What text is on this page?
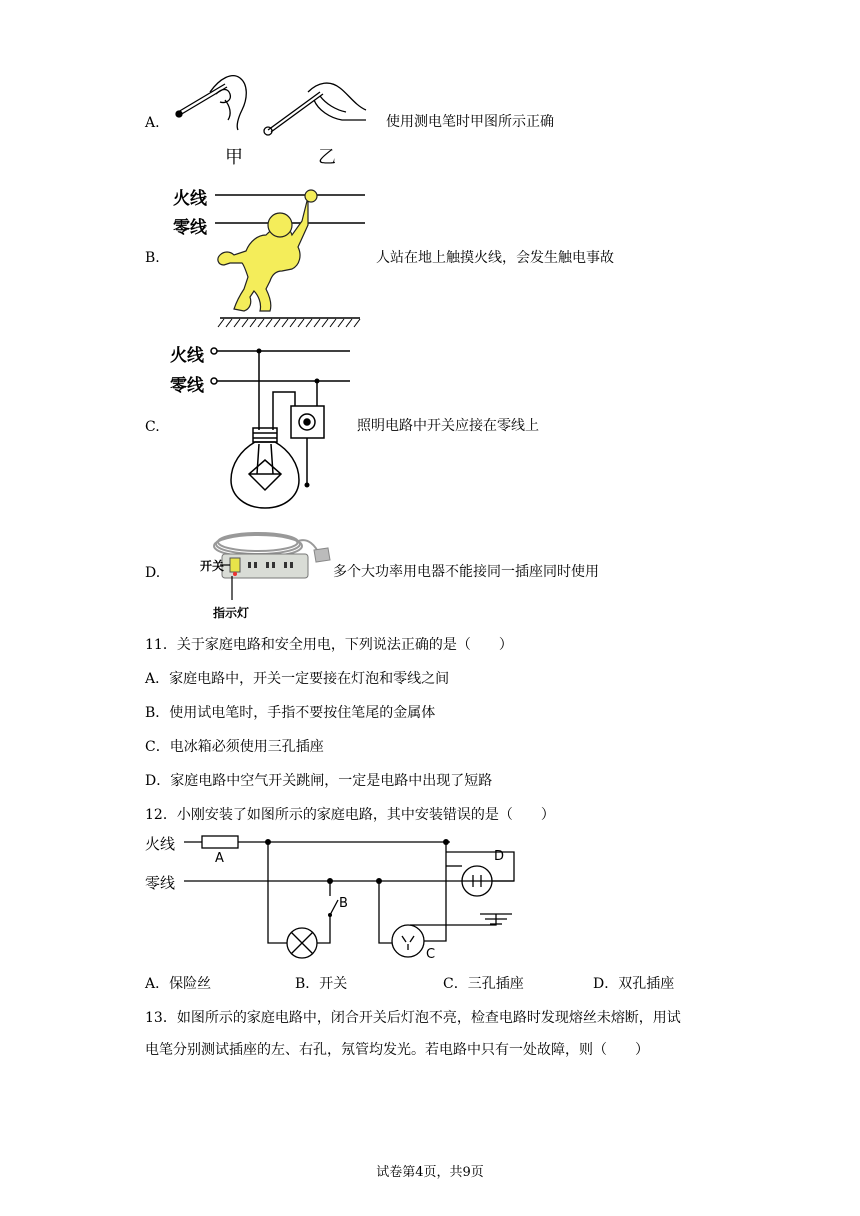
A.
甲	乙
使用测电笔时甲图所示正确
B.
火线
零线
人站在地上触摸火线，会发生触电事故
C.
火线
零线
照明电路中开关应接在零线上
D.	开关
指示灯
多个大功率用电器不能接同一插座同时使用
11．关于家庭电路和安全用电，下列说法正确的是（　　）
A．家庭电路中，开关一定要接在灯泡和零线之间
B．使用试电笔时，手指不要按住笔尾的金属体
C．电冰箱必须使用三孔插座
D．家庭电路中空气开关跳闸，一定是电路中出现了短路
12．小刚安装了如图所示的家庭电路，其中安装错误的是（　　）
火线
零线
A
B
C
D
A．保险丝	B．开关	C．三孔插座	D．双孔插座
13．如图所示的家庭电路中，闭合开关后灯泡不亮，检查电路时发现熔丝未熔断，用试
电笔分别测试插座的左、右孔，氖管均发光。若电路中只有一处故障，则（　　）
试卷第4页，共9页
